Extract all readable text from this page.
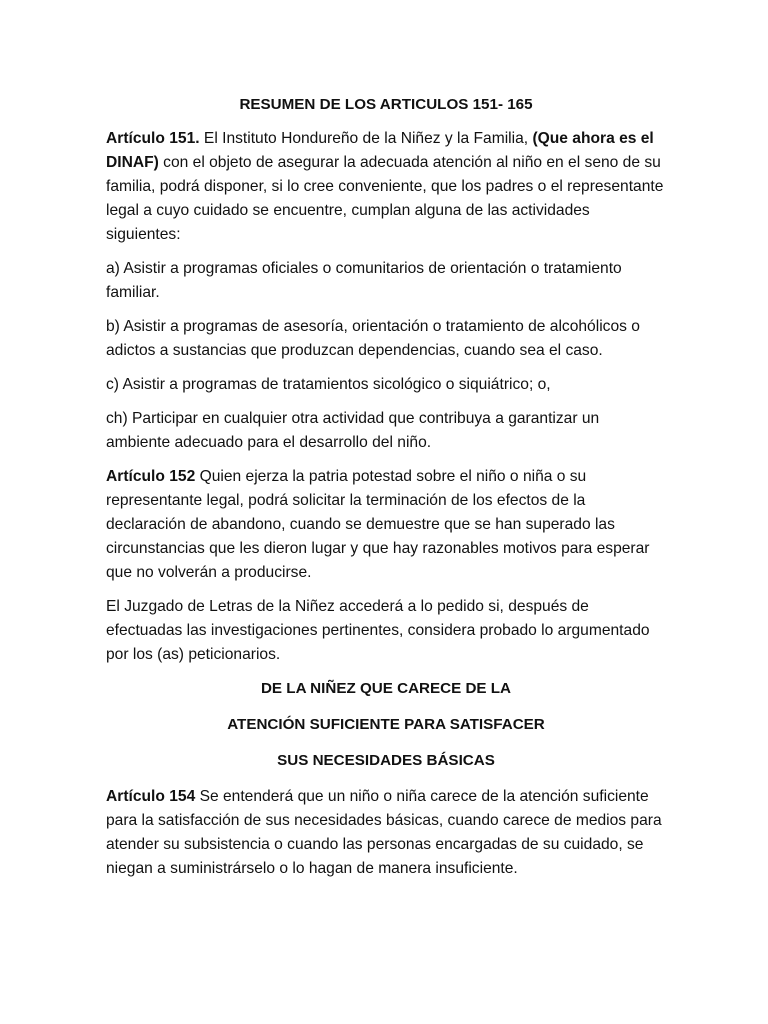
RESUMEN DE LOS ARTICULOS 151- 165

Artículo 151. El Instituto Hondureño de la Niñez y la Familia, (Que ahora es el DINAF) con el objeto de asegurar la adecuada atención al niño en el seno de su familia, podrá disponer, si lo cree conveniente, que los padres o el representante legal a cuyo cuidado se encuentre, cumplan alguna de las actividades siguientes:

a) Asistir a programas oficiales o comunitarios de orientación o tratamiento familiar.

b) Asistir a programas de asesoría, orientación o tratamiento de alcohólicos o adictos a sustancias que produzcan dependencias, cuando sea el caso.

c) Asistir a programas de tratamientos sicológico o siquiátrico; o,

ch) Participar en cualquier otra actividad que contribuya a garantizar un ambiente adecuado para el desarrollo del niño.

Artículo 152 Quien ejerza la patria potestad sobre el niño o niña o su representante legal, podrá solicitar la terminación de los efectos de la declaración de abandono, cuando se demuestre que se han superado las circunstancias que les dieron lugar y que hay razonables motivos para esperar que no volverán a producirse.

El Juzgado de Letras de la Niñez accederá a lo pedido si, después de efectuadas las investigaciones pertinentes, considera probado lo argumentado por los (as) peticionarios.

DE LA NIÑEZ QUE CARECE DE LA
ATENCIÓN SUFICIENTE PARA SATISFACER
SUS NECESIDADES BÁSICAS

Artículo 154 Se entenderá que un niño o niña carece de la atención suficiente para la satisfacción de sus necesidades básicas, cuando carece de medios para atender su subsistencia o cuando las personas encargadas de su cuidado, se niegan a suministrárselo o lo hagan de manera insuficiente.
